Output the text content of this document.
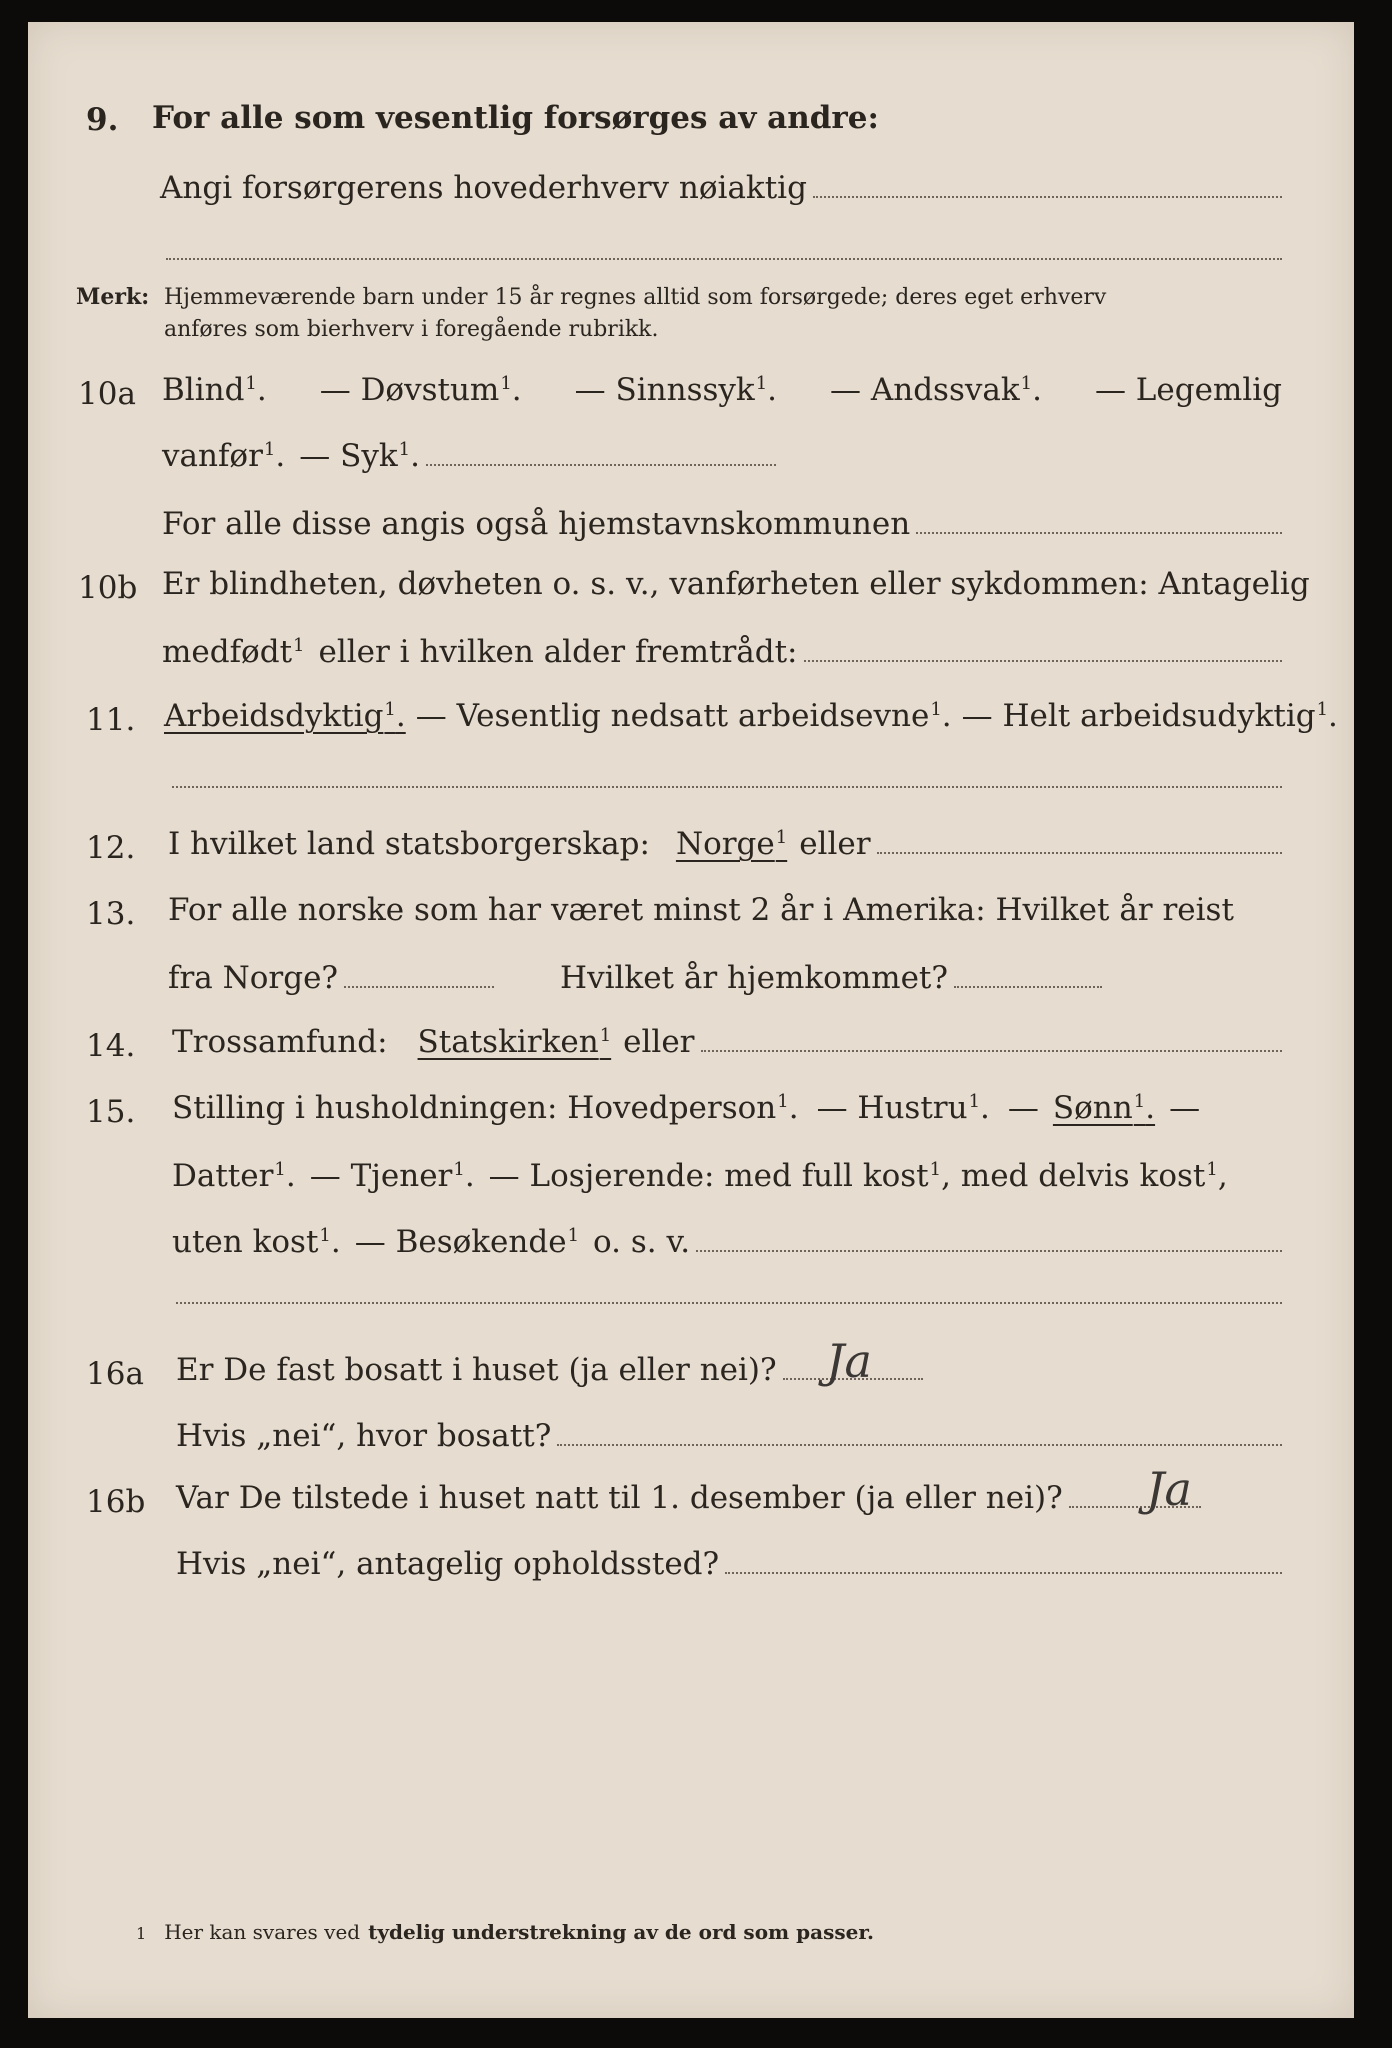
9. For alle som vesentlig forsørges av andre:
Angi forsørgerens hovederhverv nøiaktig
Merk: Hjemmeværende barn under 15 år regnes alltid som forsørgede; deres eget erhverv
anføres som bierhverv i foregående rubrikk.
10a Blind$^1$. — Døvstum$^1$. — Sinnssyk$^1$. — Andssvak$^1$. — Legemlig
vanfør$^1$. — Syk$^1$.
For alle disse angis også hjemstavnskommunen
10b Er blindheten, døvheten o. s. v., vanførheten eller sykdommen: Antagelig
medfødt$^1$ eller i hvilken alder fremtrådt:
11. Arbeidsdyktig$^1$. — Vesentlig nedsatt arbeidsevne$^1$. — Helt arbeidsudyktig$^1$.
12. I hvilket land statsborgerskap: Norge$^1$ eller
13. For alle norske som har været minst 2 år i Amerika: Hvilket år reist
fra Norge?	Hvilket år hjemkommet?
14. Trossamfund: Statskirken$^1$ eller
15. Stilling i husholdningen: Hovedperson$^1$. — Hustru$^1$. — Sønn$^1$. —
Datter$^1$. — Tjener$^1$. — Losjerende: med full kost$^1$ , med delvis kost$^1$ ,
uten kost$^1$. — Besøkende$^1$ o. s. v.
16a Er De fast bosatt i huset (ja eller nei)? Ja
Hvis „nei“, hvor bosatt?
16b Var De tilstede i huset natt til 1. desember (ja eller nei)? Ja
Hvis „nei“, antagelig opholdssted?
1 Her kan svares ved tydelig understrekning av de ord som passer.
